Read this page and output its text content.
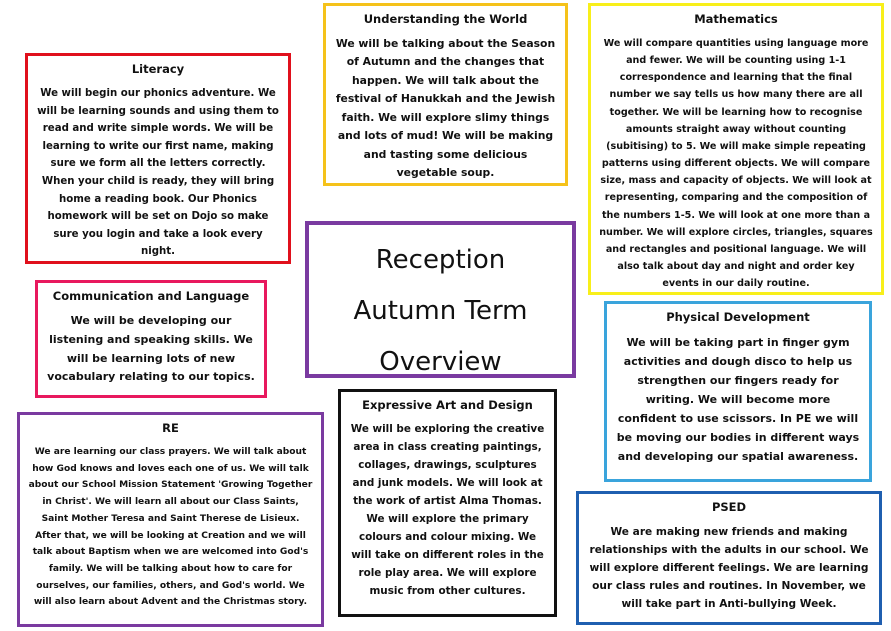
Literacy

We will begin our phonics adventure. We will be learning sounds and using them to read and write simple words. We will be learning to write our first name, making sure we form all the letters correctly. When your child is ready, they will bring home a reading book. Our Phonics homework will be set on Dojo so make sure you login and take a look every night.

Understanding the World

We will be talking about the Season of Autumn and the changes that happen. We will talk about the festival of Hanukkah and the Jewish faith. We will explore slimy things and lots of mud! We will be making and tasting some delicious vegetable soup.

Mathematics

We will compare quantities using language more and fewer. We will be counting using 1-1 correspondence and learning that the final number we say tells us how many there are all together. We will be learning how to recognise amounts straight away without counting (subitising) to 5. We will make simple repeating patterns using different objects. We will compare size, mass and capacity of objects. We will look at representing, comparing and the composition of the numbers 1-5. We will look at one more than a number. We will explore circles, triangles, squares and rectangles and positional language. We will also talk about day and night and order key events in our daily routine.

Reception

Autumn Term

Overview

Communication and Language

We will be developing our listening and speaking skills. We will be learning lots of new vocabulary relating to our topics.

Physical Development

We will be taking part in finger gym activities and dough disco to help us strengthen our fingers ready for writing. We will become more confident to use scissors. In PE we will be moving our bodies in different ways and developing our spatial awareness.

RE

We are learning our class prayers. We will talk about how God knows and loves each one of us. We will talk about our School Mission Statement 'Growing Together in Christ'. We will learn all about our Class Saints, Saint Mother Teresa and Saint Therese de Lisieux. After that, we will be looking at Creation and we will talk about Baptism when we are welcomed into God's family. We will be talking about how to care for ourselves, our families, others, and God's world. We will also learn about Advent and the Christmas story.

Expressive Art and Design

We will be exploring the creative area in class creating paintings, collages, drawings, sculptures and junk models. We will look at the work of artist Alma Thomas. We will explore the primary colours and colour mixing. We will take on different roles in the role play area. We will explore music from other cultures.

PSED

We are making new friends and making relationships with the adults in our school. We will explore different feelings. We are learning our class rules and routines. In November, we will take part in Anti-bullying Week.
